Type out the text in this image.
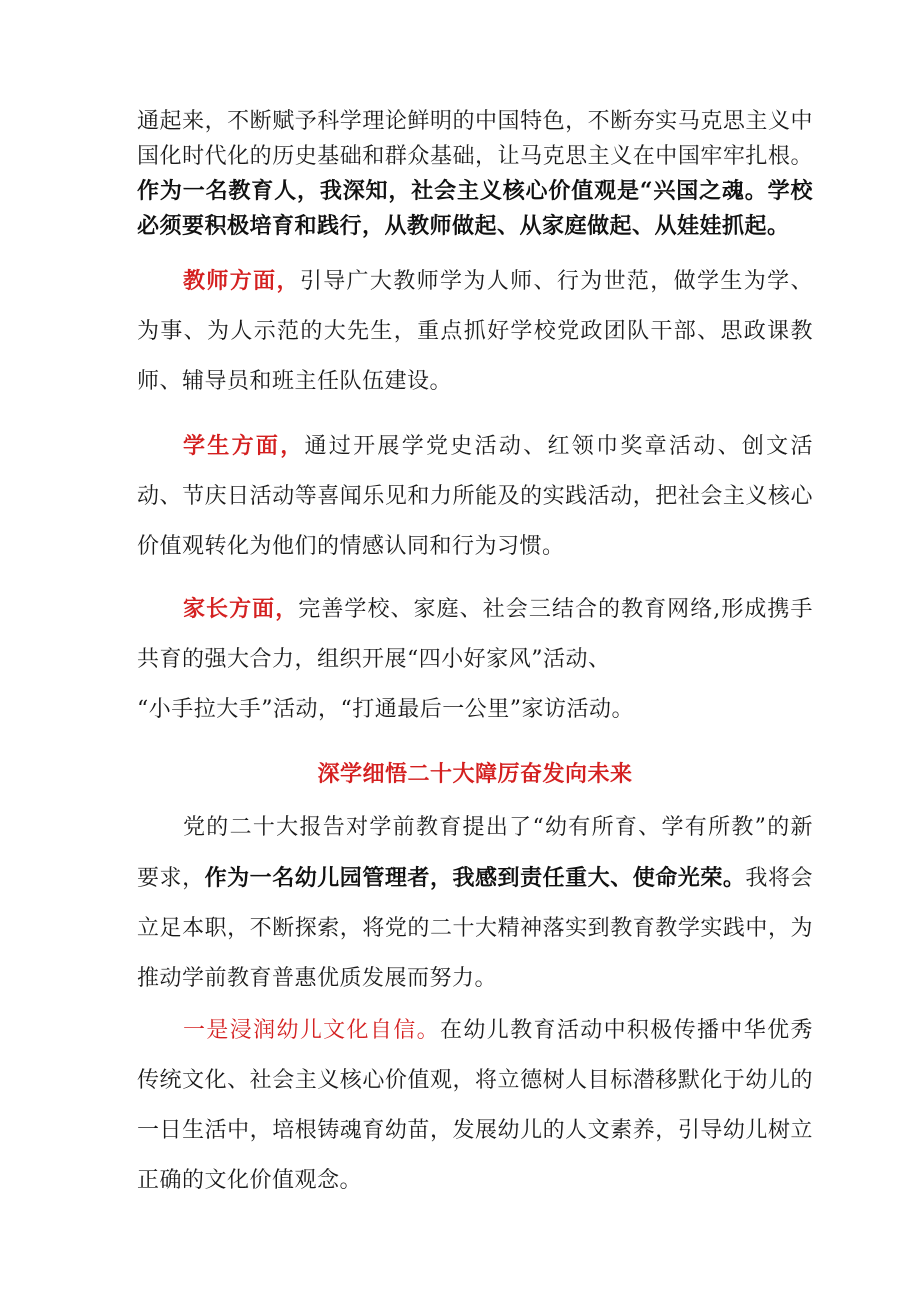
通起来，不断赋予科学理论鲜明的中国特色，不断夯实马克思主义中国化时代化的历史基础和群众基础，让马克思主义在中国牢牢扎根。作为一名教育人，我深知，社会主义核心价值观是“兴国之魂。学校必须要积极培育和践行，从教师做起、从家庭做起、从娃娃抓起。

教师方面，引导广大教师学为人师、行为世范，做学生为学、为事、为人示范的大先生，重点抓好学校党政团队干部、思政课教师、辅导员和班主任队伍建设。

学生方面，通过开展学党史活动、红领巾奖章活动、创文活动、节庆日活动等喜闻乐见和力所能及的实践活动，把社会主义核心价值观转化为他们的情感认同和行为习惯。

家长方面，完善学校、家庭、社会三结合的教育网络,形成携手共育的强大合力，组织开展“四小好家风”活动、
“小手拉大手”活动，“打通最后一公里”家访活动。

深学细悟二十大障厉奋发向未来

党的二十大报告对学前教育提出了“幼有所育、学有所教”的新要求，作为一名幼儿园管理者，我感到责任重大、使命光荣。我将会立足本职，不断探索，将党的二十大精神落实到教育教学实践中，为推动学前教育普惠优质发展而努力。

一是浸润幼儿文化自信。在幼儿教育活动中积极传播中华优秀传统文化、社会主义核心价值观，将立德树人目标潜移默化于幼儿的一日生活中，培根铸魂育幼苗，发展幼儿的人文素养，引导幼儿树立正确的文化价值观念。
